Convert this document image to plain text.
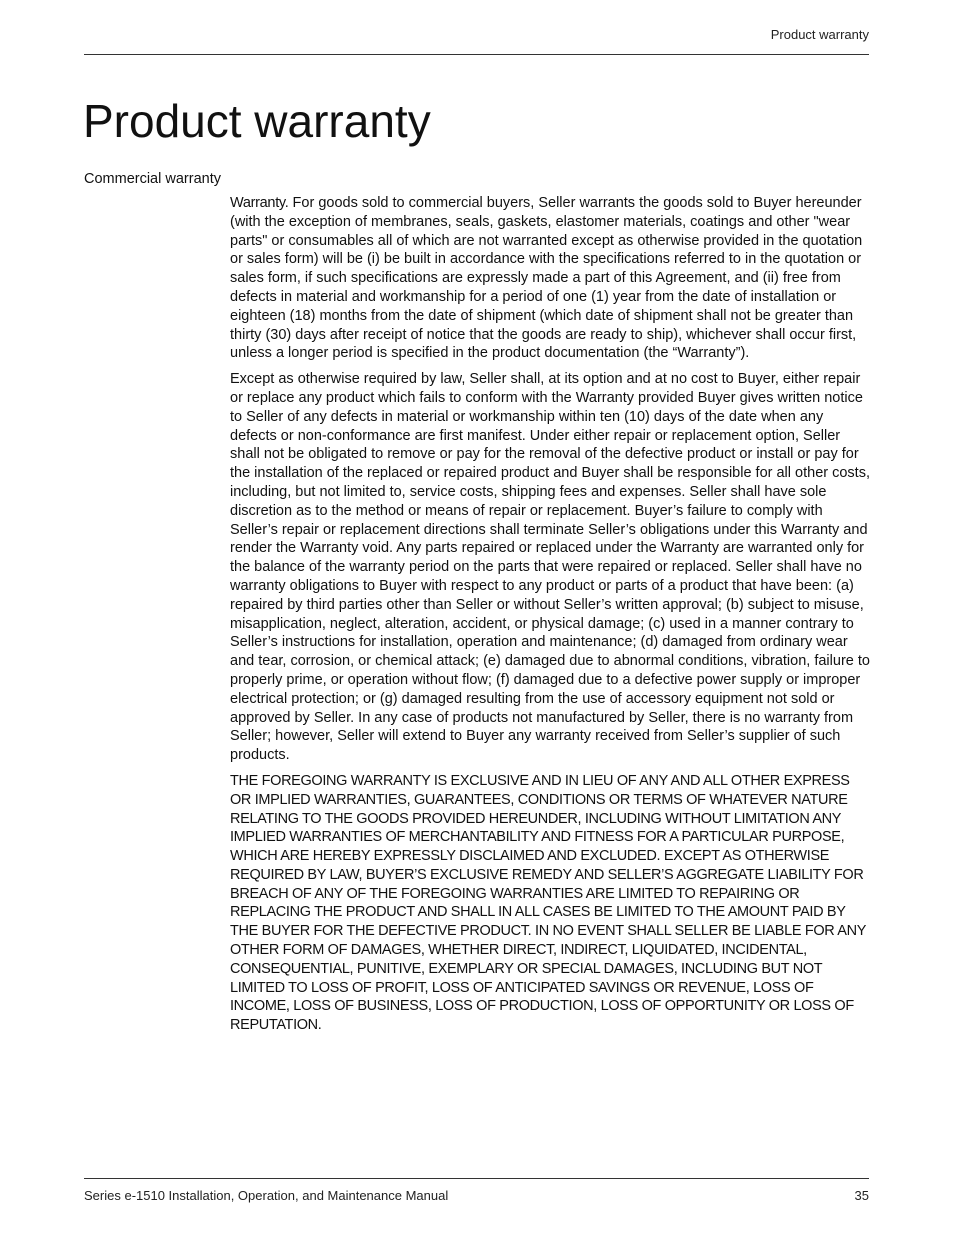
Product warranty
Product warranty
Commercial warranty

Warranty. For goods sold to commercial buyers, Seller warrants the goods sold to Buyer hereunder (with the exception of membranes, seals, gaskets, elastomer materials, coatings and other "wear parts" or consumables all of which are not warranted except as otherwise provided in the quotation or sales form) will be (i) be built in accordance with the specifications referred to in the quotation or sales form, if such specifications are expressly made a part of this Agreement, and (ii) free from defects in material and workmanship for a period of one (1) year from the date of installation or eighteen (18) months from the date of shipment (which date of shipment shall not be greater than thirty (30) days after receipt of notice that the goods are ready to ship), whichever shall occur first, unless a longer period is specified in the product documentation (the “Warranty”).

Except as otherwise required by law, Seller shall, at its option and at no cost to Buyer, either repair or replace any product which fails to conform with the Warranty provided Buyer gives written notice to Seller of any defects in material or workmanship within ten (10) days of the date when any defects or non-conformance are first manifest. Under either repair or replacement option, Seller shall not be obligated to remove or pay for the removal of the defective product or install or pay for the installation of the replaced or repaired product and Buyer shall be responsible for all other costs, including, but not limited to, service costs, shipping fees and expenses. Seller shall have sole discretion as to the method or means of repair or replacement. Buyer’s failure to comply with Seller’s repair or replacement directions shall terminate Seller’s obligations under this Warranty and render the Warranty void. Any parts repaired or replaced under the Warranty are warranted only for the balance of the warranty period on the parts that were repaired or replaced. Seller shall have no warranty obligations to Buyer with respect to any product or parts of a product that have been: (a) repaired by third parties other than Seller or without Seller’s written approval; (b) subject to misuse, misapplication, neglect, alteration, accident, or physical damage; (c) used in a manner contrary to Seller’s instructions for installation, operation and maintenance; (d) damaged from ordinary wear and tear, corrosion, or chemical attack; (e) damaged due to abnormal conditions, vibration, failure to properly prime, or operation without flow; (f) damaged due to a defective power supply or improper electrical protection; or (g) damaged resulting from the use of accessory equipment not sold or approved by Seller. In any case of products not manufactured by Seller, there is no warranty from Seller; however, Seller will extend to Buyer any warranty received from Seller’s supplier of such products.

THE FOREGOING WARRANTY IS EXCLUSIVE AND IN LIEU OF ANY AND ALL OTHER EXPRESS OR IMPLIED WARRANTIES, GUARANTEES, CONDITIONS OR TERMS OF WHATEVER NATURE RELATING TO THE GOODS PROVIDED HEREUNDER, INCLUDING WITHOUT LIMITATION ANY IMPLIED WARRANTIES OF MERCHANTABILITY AND FITNESS FOR A PARTICULAR PURPOSE, WHICH ARE HEREBY EXPRESSLY DISCLAIMED AND EXCLUDED. EXCEPT AS OTHERWISE REQUIRED BY LAW, BUYER’S EXCLUSIVE REMEDY AND SELLER’S AGGREGATE LIABILITY FOR BREACH OF ANY OF THE FOREGOING WARRANTIES ARE LIMITED TO REPAIRING OR REPLACING THE PRODUCT AND SHALL IN ALL CASES BE LIMITED TO THE AMOUNT PAID BY THE BUYER FOR THE DEFECTIVE PRODUCT. IN NO EVENT SHALL SELLER BE LIABLE FOR ANY OTHER FORM OF DAMAGES, WHETHER DIRECT, INDIRECT, LIQUIDATED, INCIDENTAL, CONSEQUENTIAL, PUNITIVE, EXEMPLARY OR SPECIAL DAMAGES, INCLUDING BUT NOT LIMITED TO LOSS OF PROFIT, LOSS OF ANTICIPATED SAVINGS OR REVENUE, LOSS OF INCOME, LOSS OF BUSINESS, LOSS OF PRODUCTION, LOSS OF OPPORTUNITY OR LOSS OF REPUTATION.

Series e-1510 Installation, Operation, and Maintenance Manual	35
